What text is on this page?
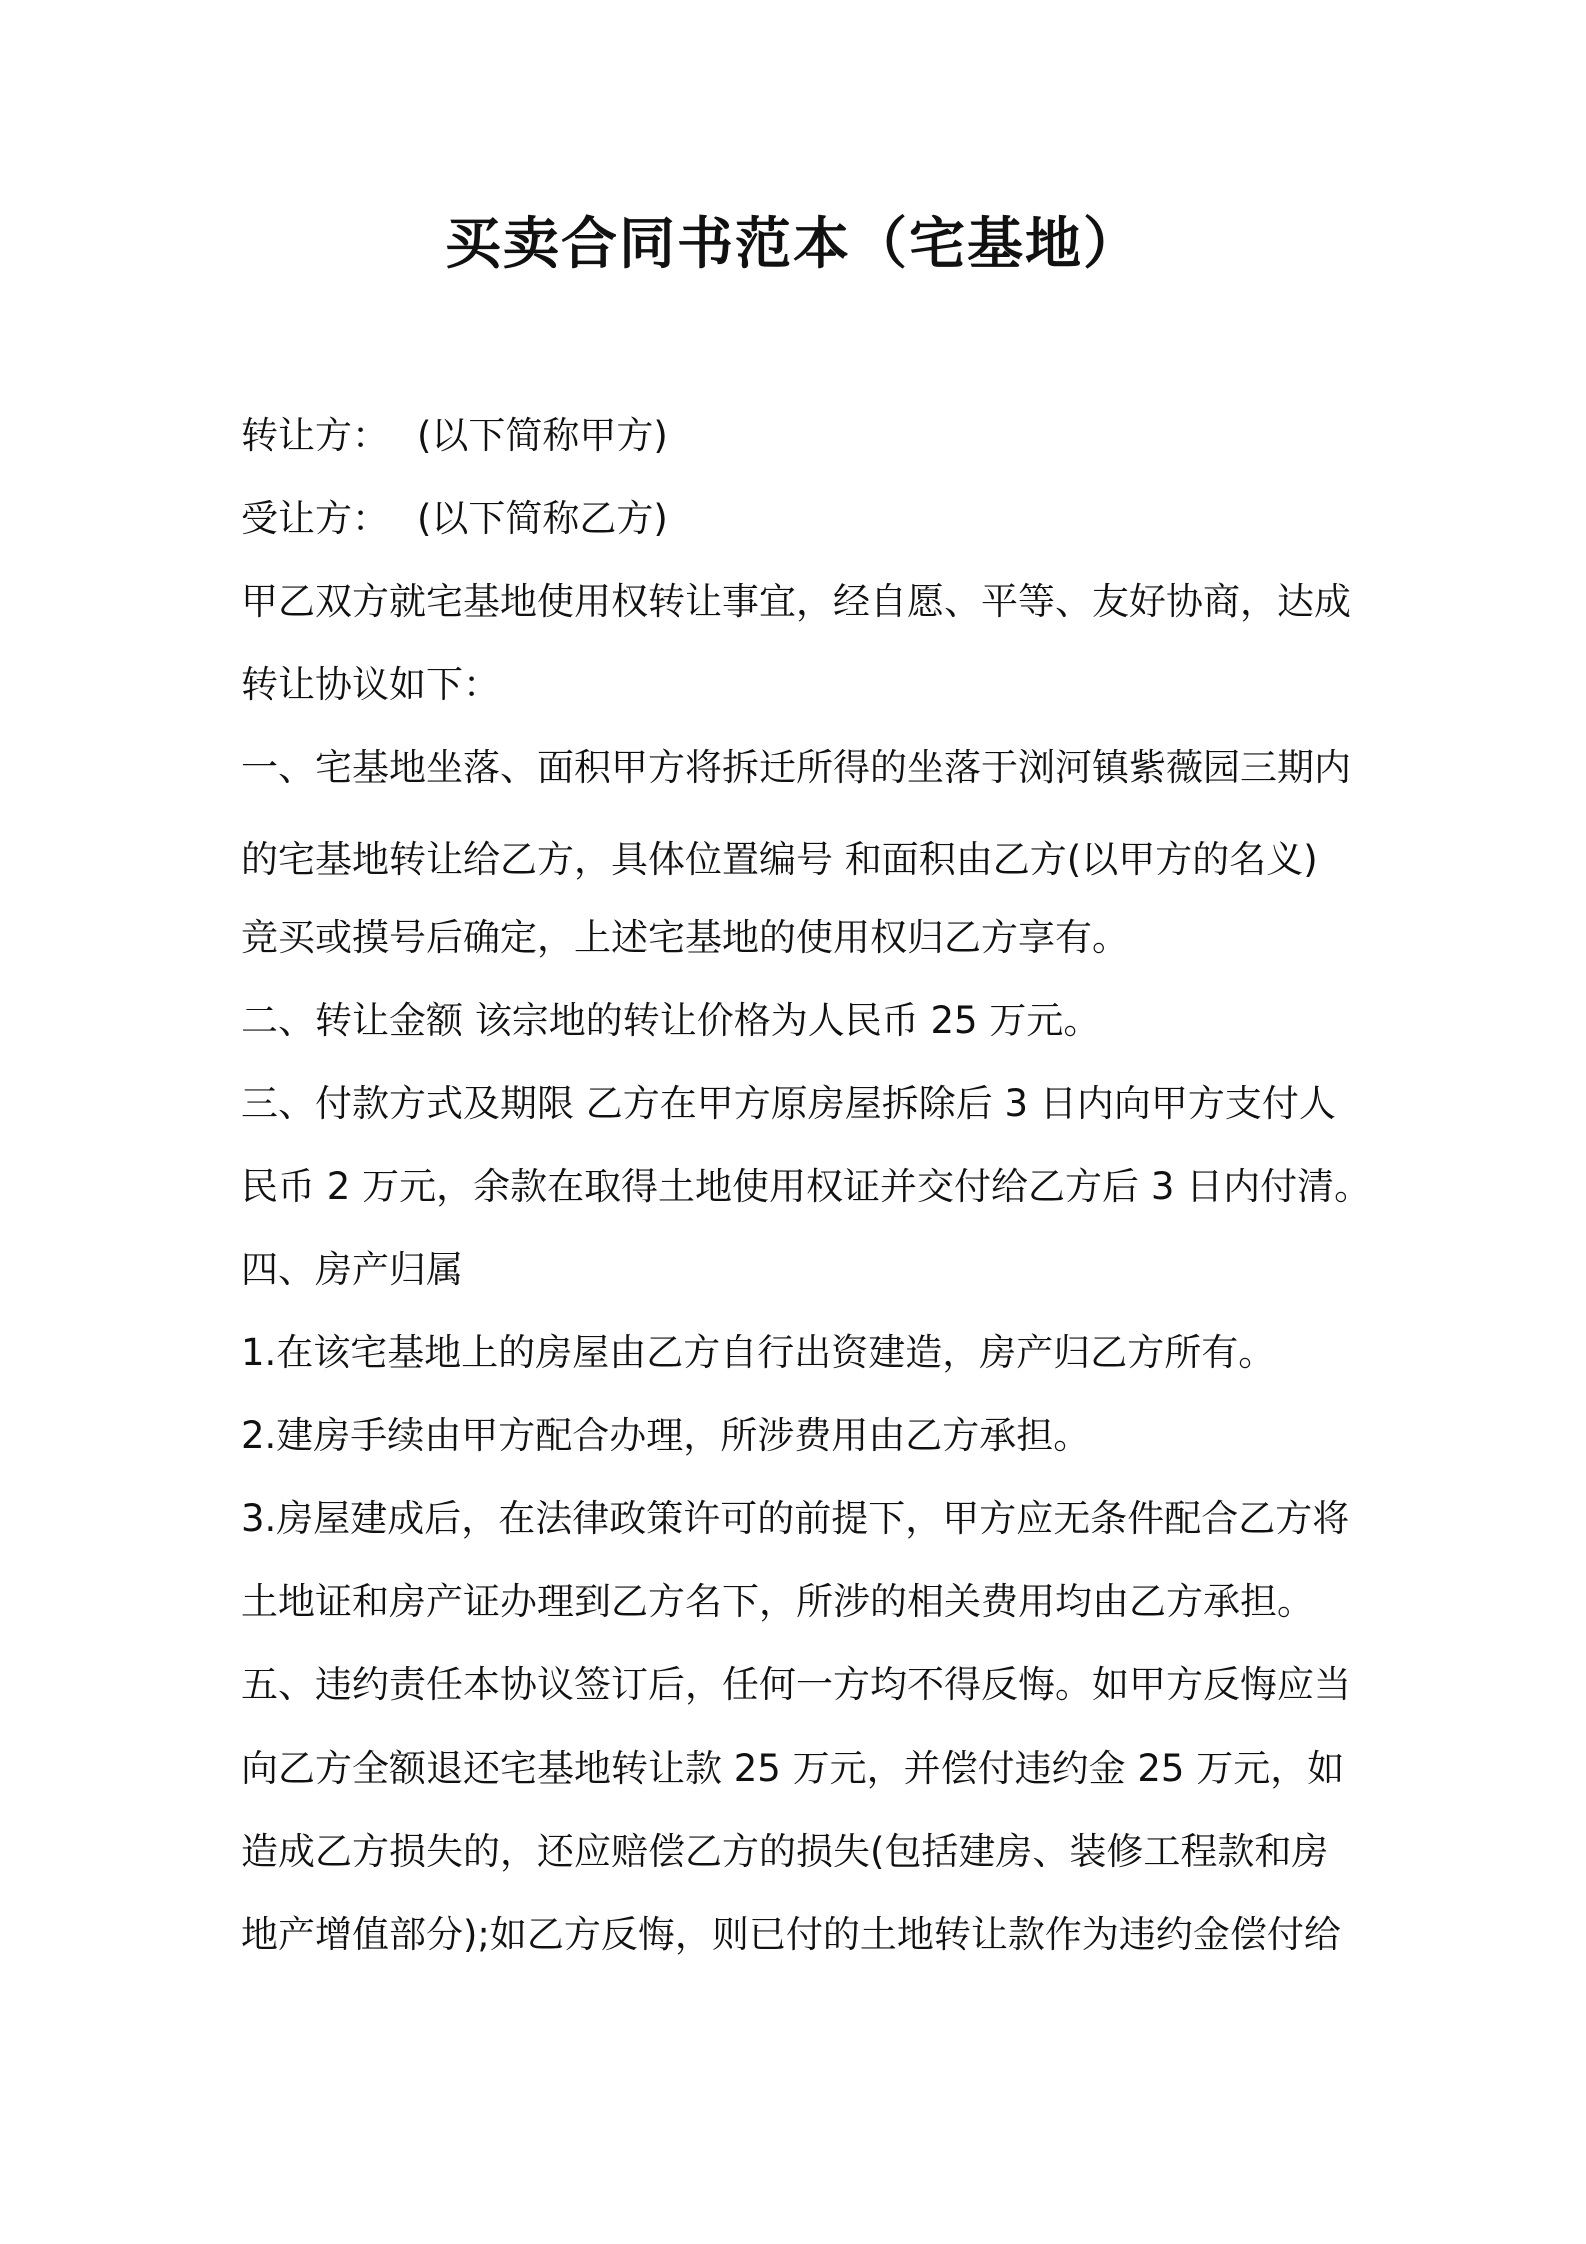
买卖合同书范本（宅基地）
转让方： (以下简称甲方)
受让方： (以下简称乙方)
甲乙双方就宅基地使用权转让事宜，经自愿、平等、友好协商，达成
转让协议如下：
一、宅基地坐落、面积甲方将拆迁所得的坐落于浏河镇紫薇园三期内
的宅基地转让给乙方，具体位置编号 和面积由乙方(以甲方的名义)
竞买或摸号后确定，上述宅基地的使用权归乙方享有。
二、转让金额 该宗地的转让价格为人民币 25 万元。
三、付款方式及期限 乙方在甲方原房屋拆除后 3 日内向甲方支付人
民币 2 万元，余款在取得土地使用权证并交付给乙方后 3 日内付清。
四、房产归属
1.在该宅基地上的房屋由乙方自行出资建造，房产归乙方所有。
2.建房手续由甲方配合办理，所涉费用由乙方承担。
3.房屋建成后，在法律政策许可的前提下，甲方应无条件配合乙方将
土地证和房产证办理到乙方名下，所涉的相关费用均由乙方承担。
五、违约责任本协议签订后，任何一方均不得反悔。如甲方反悔应当
向乙方全额退还宅基地转让款 25 万元，并偿付违约金 25 万元，如
造成乙方损失的，还应赔偿乙方的损失(包括建房、装修工程款和房
地产增值部分);如乙方反悔，则已付的土地转让款作为违约金偿付给
